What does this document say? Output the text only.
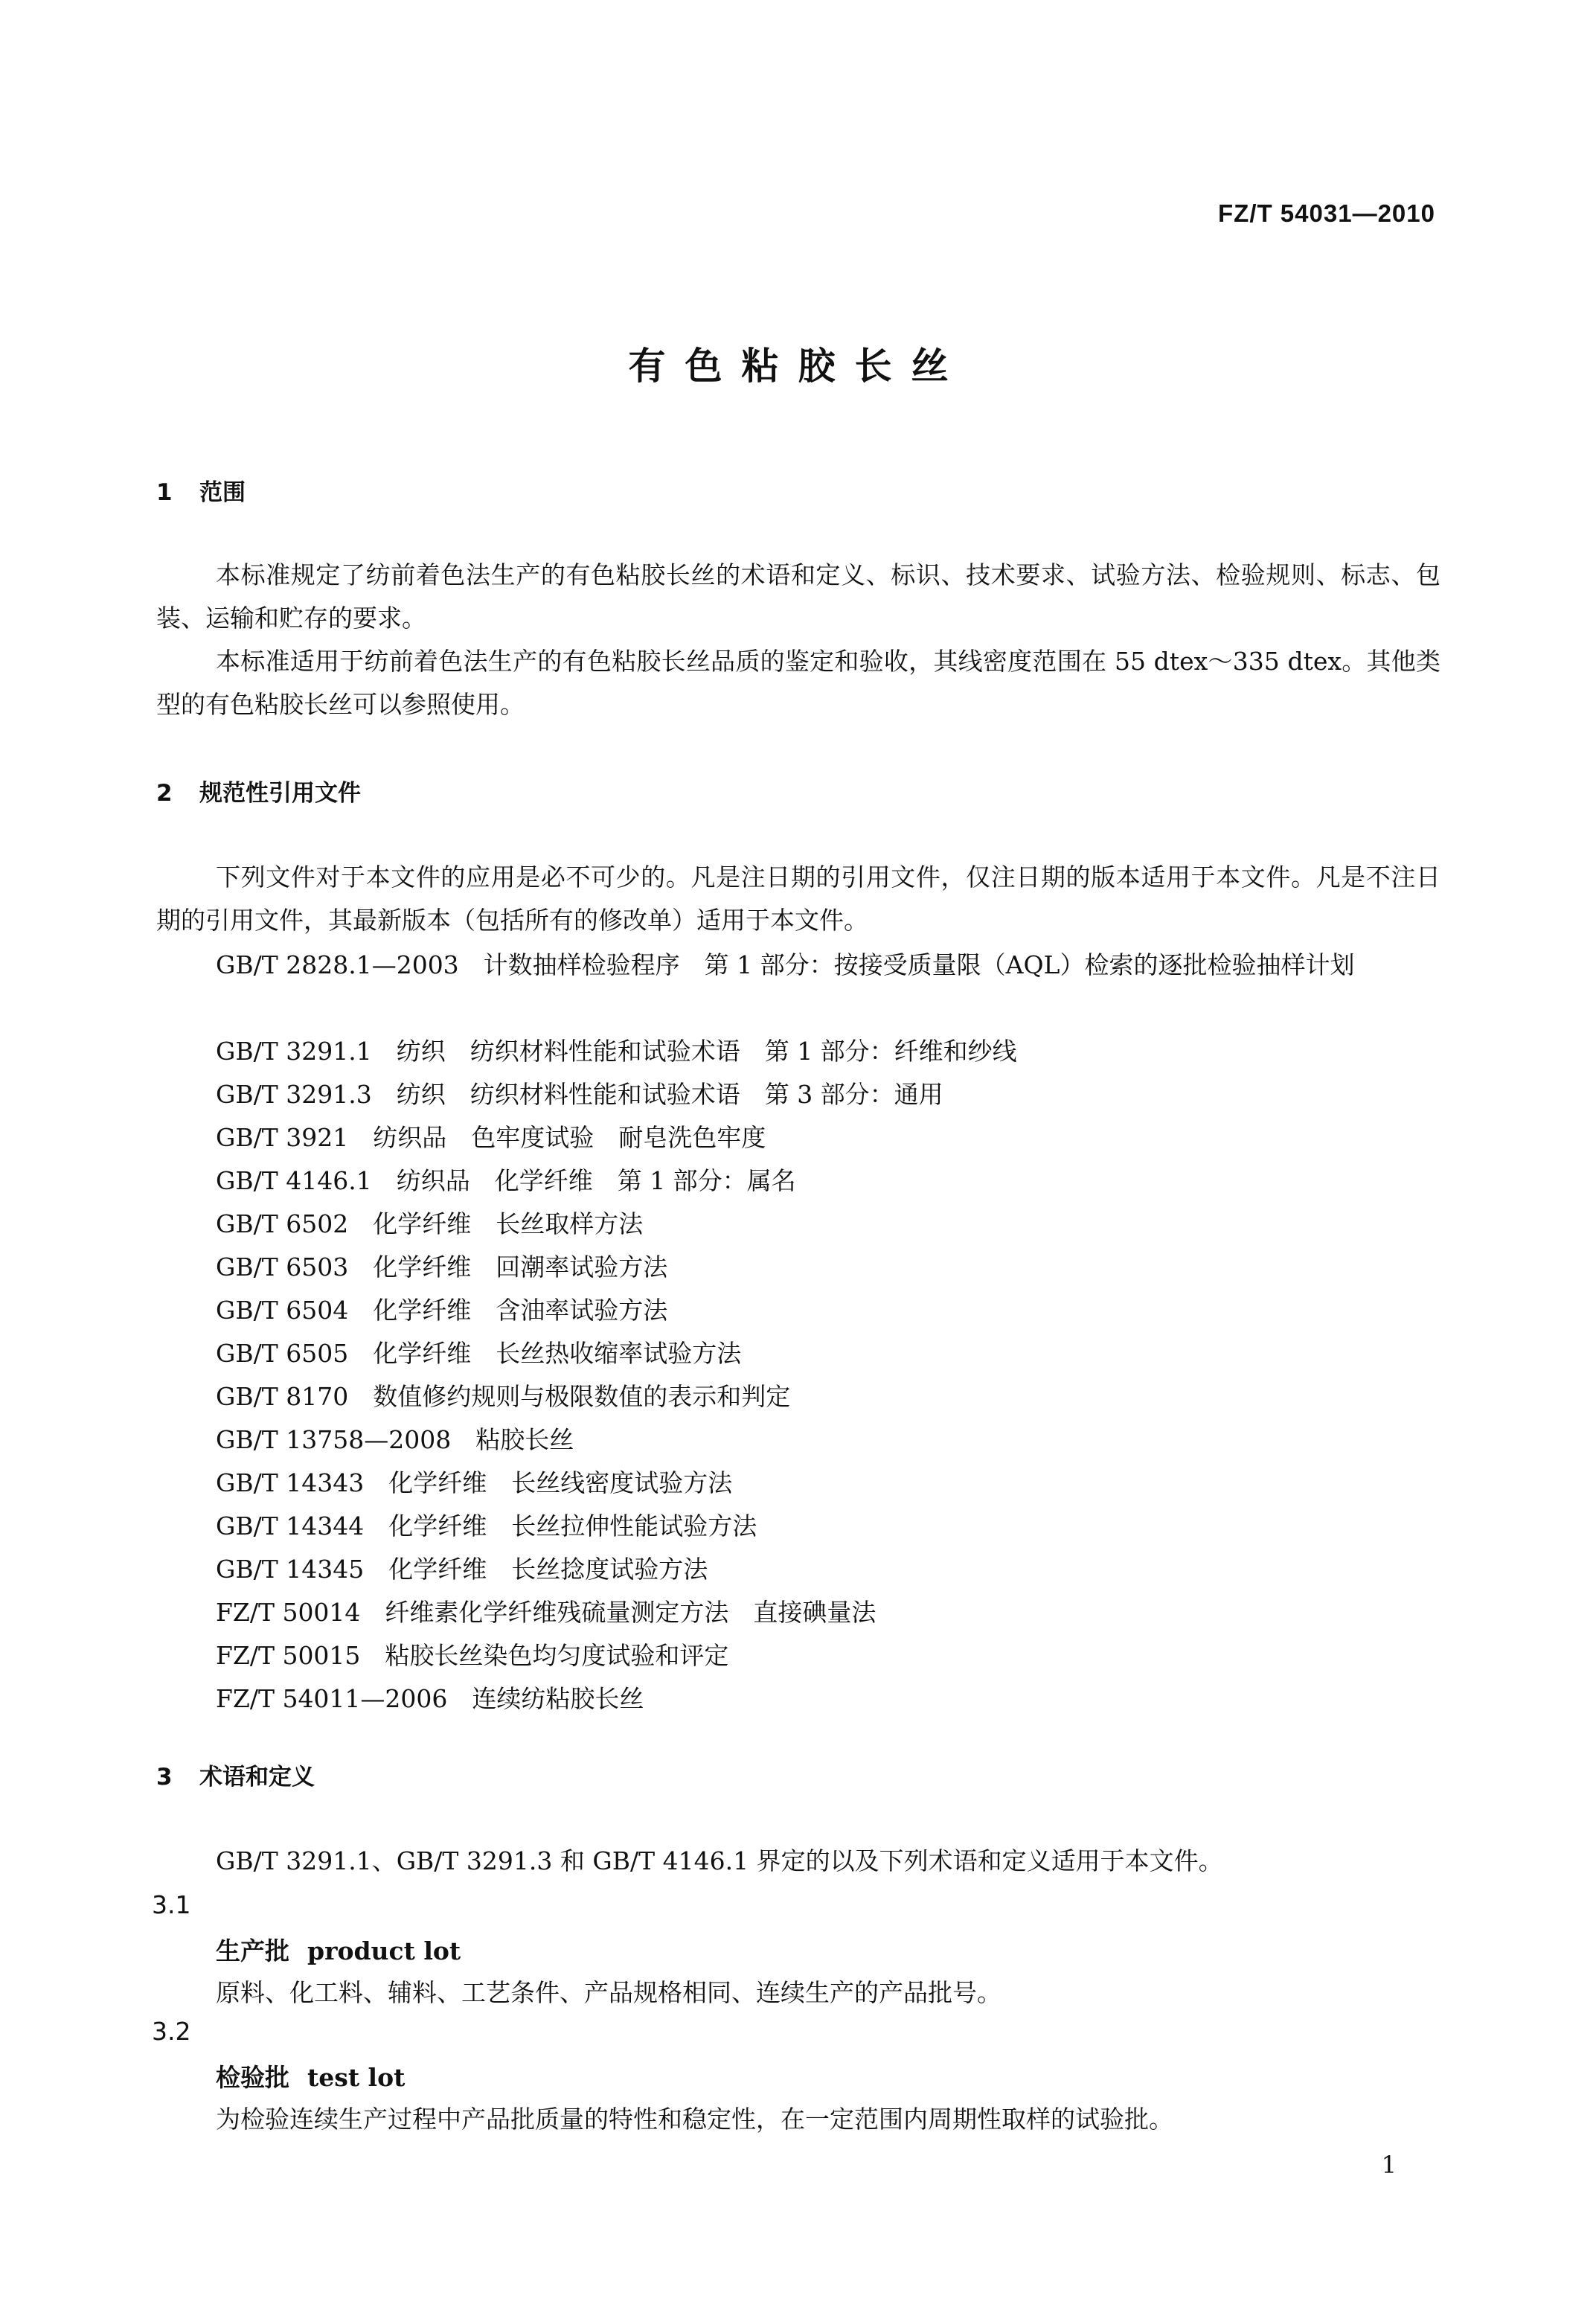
FZ/T 54031—2010
有色粘胶长丝
1 范围
本标准规定了纺前着色法生产的有色粘胶长丝的术语和定义、标识、技术要求、试验方法、检验规则、标志、包装、运输和贮存的要求。
本标准适用于纺前着色法生产的有色粘胶长丝品质的鉴定和验收，其线密度范围在 55 dtex～335 dtex。其他类型的有色粘胶长丝可以参照使用。
2 规范性引用文件
下列文件对于本文件的应用是必不可少的。凡是注日期的引用文件，仅注日期的版本适用于本文件。凡是不注日期的引用文件，其最新版本（包括所有的修改单）适用于本文件。
GB/T 2828.1—2003　计数抽样检验程序　第 1 部分：按接受质量限（AQL）检索的逐批检验抽样计划
GB/T 3291.1　纺织　纺织材料性能和试验术语　第 1 部分：纤维和纱线
GB/T 3291.3　纺织　纺织材料性能和试验术语　第 3 部分：通用
GB/T 3921　纺织品　色牢度试验　耐皂洗色牢度
GB/T 4146.1　纺织品　化学纤维　第 1 部分：属名
GB/T 6502　化学纤维　长丝取样方法
GB/T 6503　化学纤维　回潮率试验方法
GB/T 6504　化学纤维　含油率试验方法
GB/T 6505　化学纤维　长丝热收缩率试验方法
GB/T 8170　数值修约规则与极限数值的表示和判定
GB/T 13758—2008　粘胶长丝
GB/T 14343　化学纤维　长丝线密度试验方法
GB/T 14344　化学纤维　长丝拉伸性能试验方法
GB/T 14345　化学纤维　长丝捻度试验方法
FZ/T 50014　纤维素化学纤维残硫量测定方法　直接碘量法
FZ/T 50015　粘胶长丝染色均匀度试验和评定
FZ/T 54011—2006　连续纺粘胶长丝
3 术语和定义
GB/T 3291.1、GB/T 3291.3 和 GB/T 4146.1 界定的以及下列术语和定义适用于本文件。
3.1
生产批 product lot
原料、化工料、辅料、工艺条件、产品规格相同、连续生产的产品批号。
3.2
检验批 test lot
为检验连续生产过程中产品批质量的特性和稳定性，在一定范围内周期性取样的试验批。
1
